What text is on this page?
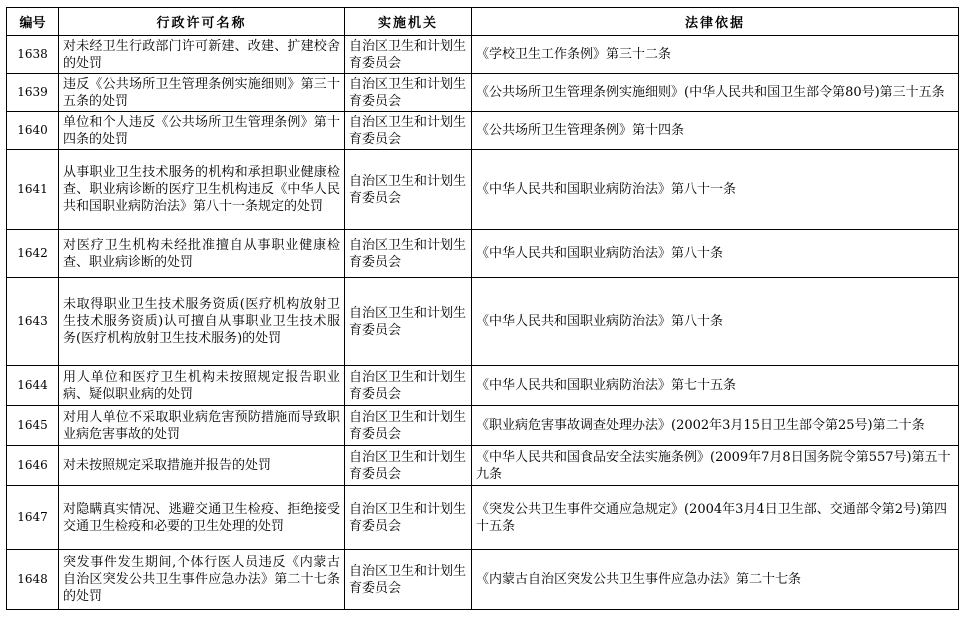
编号	行政许可名称	实施机关	法律依据
1638	对未经卫生行政部门许可新建、改建、扩建校舍的处罚	自治区卫生和计划生育委员会	《学校卫生工作条例》第三十二条
1639	违反《公共场所卫生管理条例实施细则》第三十五条的处罚	自治区卫生和计划生育委员会	《公共场所卫生管理条例实施细则》(中华人民共和国卫生部令第80号)第三十五条
1640	单位和个人违反《公共场所卫生管理条例》第十四条的处罚	自治区卫生和计划生育委员会	《公共场所卫生管理条例》第十四条
1641	从事职业卫生技术服务的机构和承担职业健康检查、职业病诊断的医疗卫生机构违反《中华人民共和国职业病防治法》第八十一条规定的处罚	自治区卫生和计划生育委员会	《中华人民共和国职业病防治法》第八十一条
1642	对医疗卫生机构未经批准擅自从事职业健康检查、职业病诊断的处罚	自治区卫生和计划生育委员会	《中华人民共和国职业病防治法》第八十条
1643	未取得职业卫生技术服务资质(医疗机构放射卫生技术服务资质)认可擅自从事职业卫生技术服务(医疗机构放射卫生技术服务)的处罚	自治区卫生和计划生育委员会	《中华人民共和国职业病防治法》第八十条
1644	用人单位和医疗卫生机构未按照规定报告职业病、疑似职业病的处罚	自治区卫生和计划生育委员会	《中华人民共和国职业病防治法》第七十五条
1645	对用人单位不采取职业病危害预防措施而导致职业病危害事故的处罚	自治区卫生和计划生育委员会	《职业病危害事故调查处理办法》(2002年3月15日卫生部令第25号)第二十条
1646	对未按照规定采取措施并报告的处罚	自治区卫生和计划生育委员会	《中华人民共和国食品安全法实施条例》(2009年7月8日国务院令第557号)第五十九条
1647	对隐瞒真实情况、逃避交通卫生检疫、拒绝接受交通卫生检疫和必要的卫生处理的处罚	自治区卫生和计划生育委员会	《突发公共卫生事件交通应急规定》(2004年3月4日卫生部、交通部令第2号)第四十五条
1648	突发事件发生期间,个体行医人员违反《内蒙古自治区突发公共卫生事件应急办法》第二十七条的处罚	自治区卫生和计划生育委员会	《内蒙古自治区突发公共卫生事件应急办法》第二十七条
